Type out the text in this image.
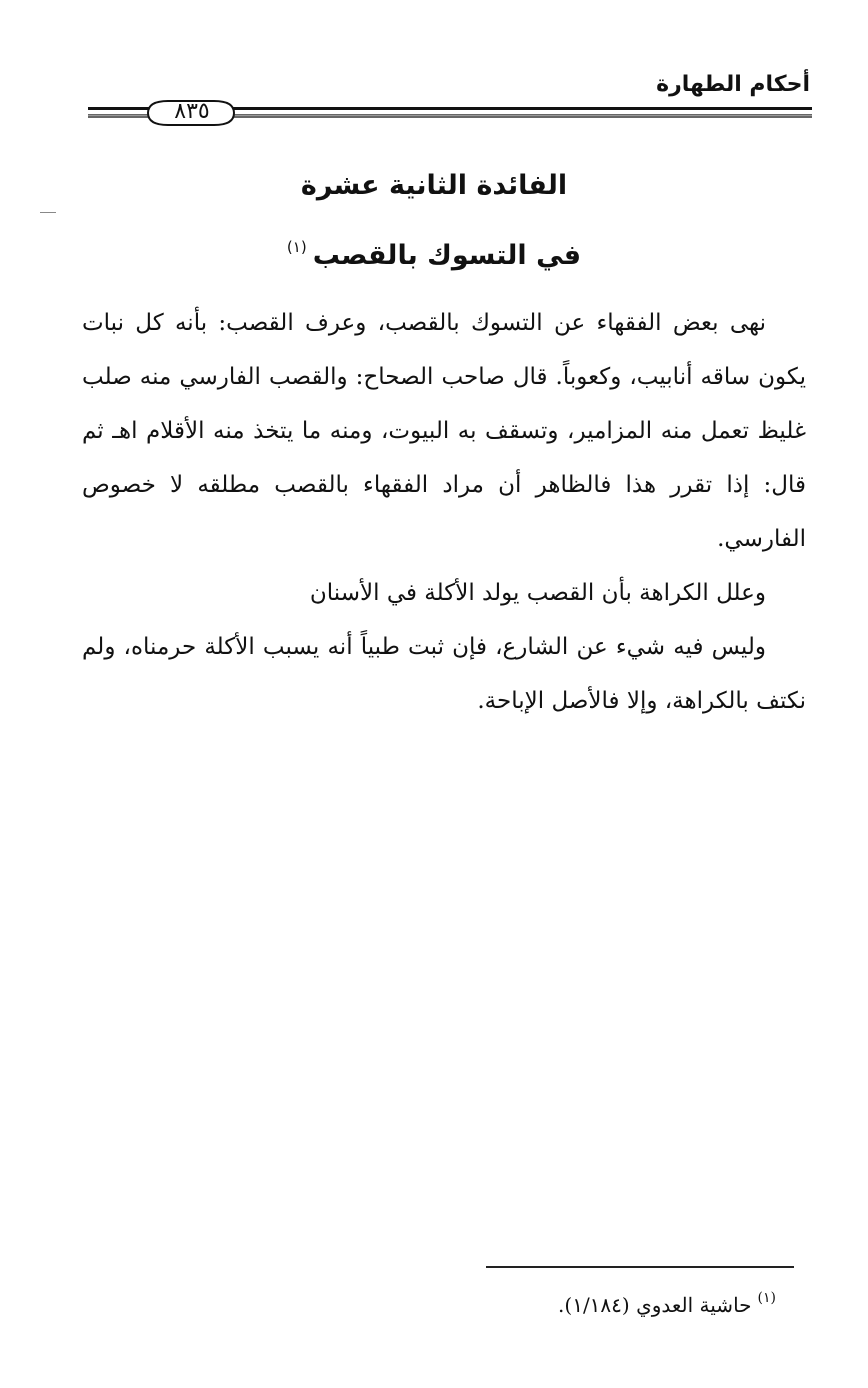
أحكام الطهارة
٨٣٥
الفائدة الثانية عشرة
في التسوك بالقصب$^{(١)}$

نهى بعض الفقهاء عن التسوك بالقصب، وعرف القصب: بأنه كل نبات يكون ساقه أنابيب، وكعوباً. قال صاحب الصحاح: والقصب الفارسي منه صلب غليظ تعمل منه المزامير، وتسقف به البيوت، ومنه ما يتخذ منه الأقلام اهـ ثم قال: إذا تقرر هذا فالظاهر أن مراد الفقهاء بالقصب مطلقه لا خصوص الفارسي.

وعلل الكراهة بأن القصب يولد الأكلة في الأسنان

وليس فيه شيء عن الشارع، فإن ثبت طبياً أنه يسبب الأكلة حرمناه، ولم نكتف بالكراهة، وإلا فالأصل الإباحة.

$^{(١)}$حاشية العدوي (١/١٨٤).
